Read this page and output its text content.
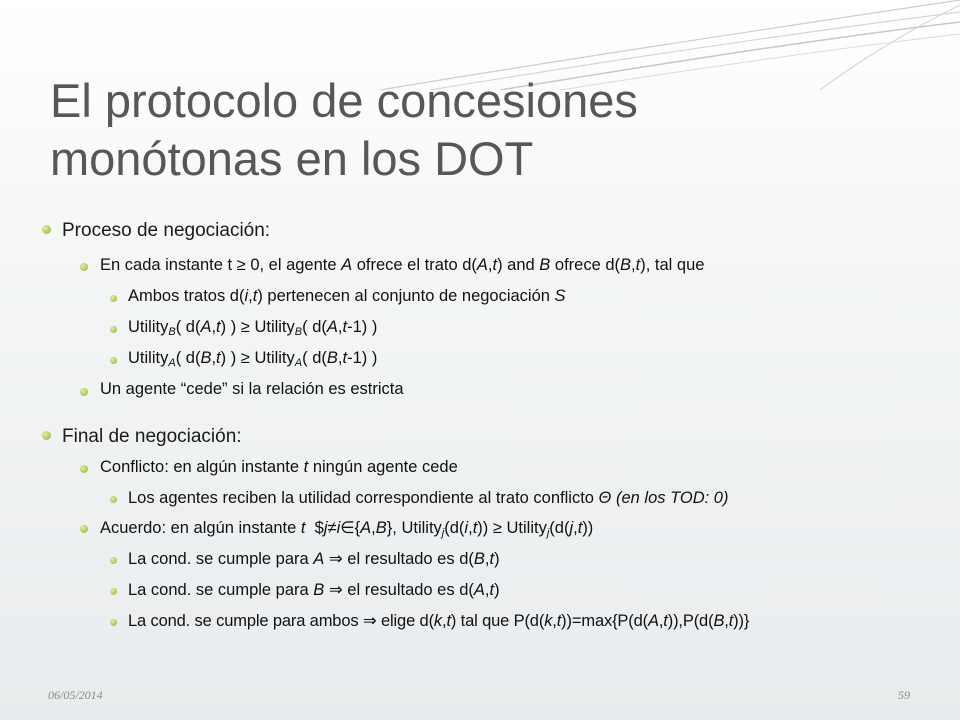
El protocolo de concesiones
monótonas en los DOT
Proceso de negociación:
En cada instante t ≥ 0, el agente A ofrece el trato d(A,t) and B ofrece d(B,t), tal que
Ambos tratos d(i,t) pertenecen al conjunto de negociación S
Utility$_B$( d(A,t) ) ≥ Utility$_B$( d(A,t-1) )
Utility$_A$( d(B,t) ) ≥ Utility$_A$( d(B,t-1) )
Un agente “cede” si la relación es estricta
Final de negociación:
Conflicto: en algún instante t ningún agente cede
Los agentes reciben la utilidad correspondiente al trato conflicto Θ (en los TOD: 0)
Acuerdo: en algún instante t  $j≠i∈{A,B}, Utility$_j$(d(i,t)) ≥ Utility$_j$(d(j,t))
La cond. se cumple para A ⇒ el resultado es d(B,t)
La cond. se cumple para B ⇒ el resultado es d(A,t)
La cond. se cumple para ambos ⇒ elige d(k,t) tal que P(d(k,t))=max{P(d(A,t)),P(d(B,t))}
06/05/2014	59
